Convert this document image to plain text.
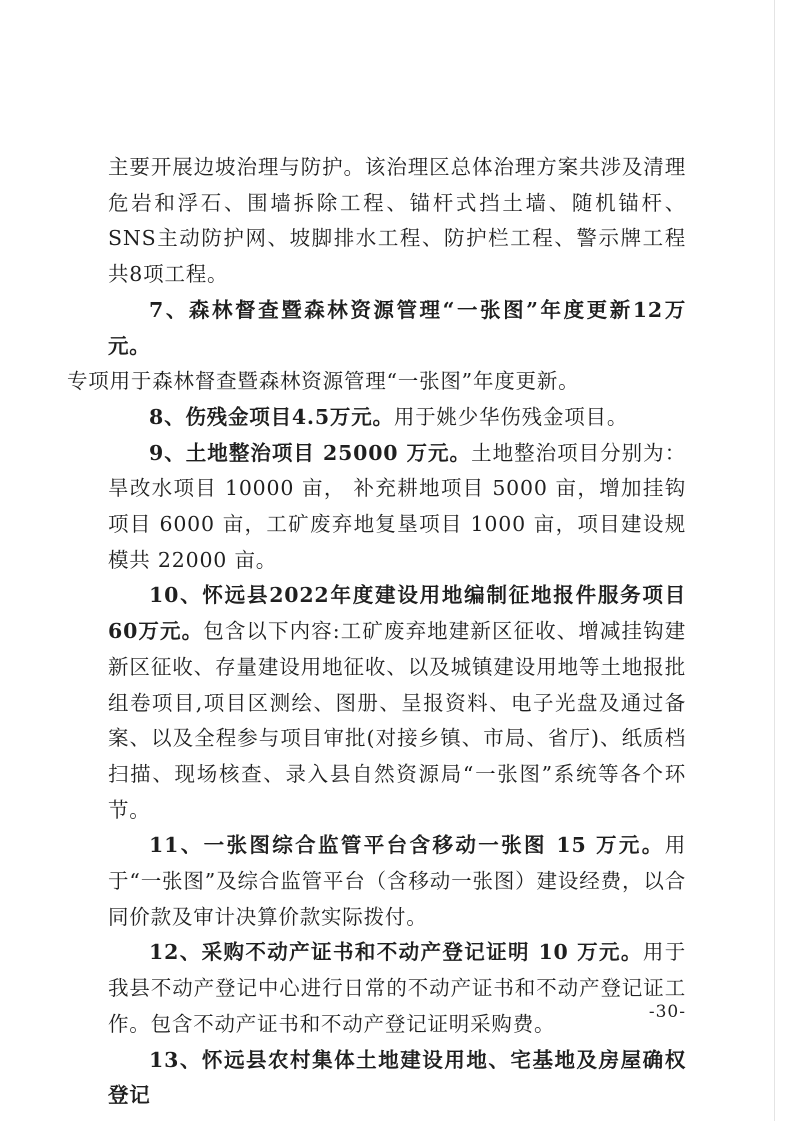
主要开展边坡治理与防护。该治理区总体治理方案共涉及清理危岩和浮石、围墙拆除工程、锚杆式挡土墙、随机锚杆、SNS主动防护网、坡脚排水工程、防护栏工程、警示牌工程共8项工程。

7、森林督查暨森林资源管理“一张图”年度更新12万元。
专项用于森林督查暨森林资源管理“一张图”年度更新。

8、伤残金项目4.5万元。用于姚少华伤残金项目。

9、土地整治项目 25000 万元。土地整治项目分别为：旱改水项目 10000 亩， 补充耕地项目 5000 亩，增加挂钩项目 6000 亩，工矿废弃地复垦项目 1000 亩，项目建设规模共 22000 亩。

10、怀远县2022年度建设用地编制征地报件服务项目60万元。包含以下内容:工矿废弃地建新区征收、增减挂钩建新区征收、存量建设用地征收、以及城镇建设用地等土地报批组卷项目,项目区测绘、图册、呈报资料、电子光盘及通过备案、以及全程参与项目审批(对接乡镇、市局、省厅)、纸质档扫描、现场核查、录入县自然资源局“一张图”系统等各个环节。

11、一张图综合监管平台含移动一张图 15 万元。用于“一张图”及综合监管平台（含移动一张图）建设经费，以合同价款及审计决算价款实际拨付。

12、采购不动产证书和不动产登记证明 10 万元。用于我县不动产登记中心进行日常的不动产证书和不动产登记证工作。包含不动产证书和不动产登记证明采购费。

13、怀远县农村集体土地建设用地、宅基地及房屋确权登记

-30-
